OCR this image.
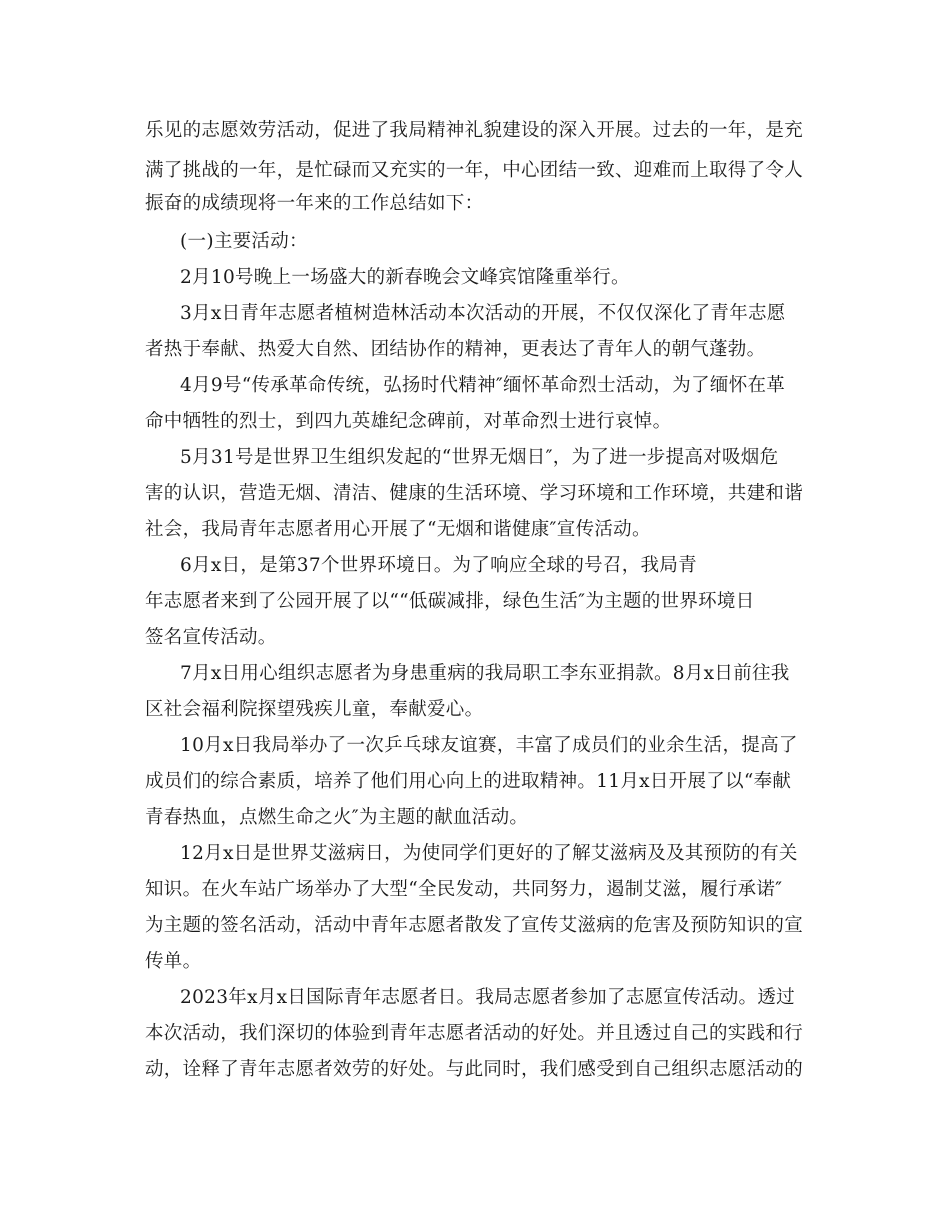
乐见的志愿效劳活动，促进了我局精神礼貌建设的深入开展。过去的一年，是充
满了挑战的一年，是忙碌而又充实的一年，中心团结一致、迎难而上取得了令人
振奋的成绩现将一年来的工作总结如下：
(一)主要活动：
2月10号晚上一场盛大的新春晚会文峰宾馆隆重举行。
3月x日青年志愿者植树造林活动本次活动的开展，不仅仅深化了青年志愿
者热于奉献、热爱大自然、团结协作的精神，更表达了青年人的朝气蓬勃。
4月9号“传承革命传统，弘扬时代精神″缅怀革命烈士活动，为了缅怀在革
命中牺牲的烈士，到四九英雄纪念碑前，对革命烈士进行哀悼。
5月31号是世界卫生组织发起的“世界无烟日″，为了进一步提高对吸烟危
害的认识，营造无烟、清洁、健康的生活环境、学习环境和工作环境，共建和谐
社会，我局青年志愿者用心开展了“无烟和谐健康″宣传活动。
6月x日，是第37个世界环境日。为了响应全球的号召，我局青
年志愿者来到了公园开展了以““低碳减排，绿色生活″为主题的世界环境日
签名宣传活动。
7月x日用心组织志愿者为身患重病的我局职工李东亚捐款。8月x日前往我
区社会福利院探望残疾儿童，奉献爱心。
10月x日我局举办了一次乒乓球友谊赛，丰富了成员们的业余生活，提高了
成员们的综合素质，培养了他们用心向上的进取精神。11月x日开展了以“奉献
青春热血，点燃生命之火″为主题的献血活动。
12月x日是世界艾滋病日，为使同学们更好的了解艾滋病及及其预防的有关
知识。在火车站广场举办了大型“全民发动，共同努力，遏制艾滋，履行承诺″
为主题的签名活动，活动中青年志愿者散发了宣传艾滋病的危害及预防知识的宣
传单。
2023年x月x日国际青年志愿者日。我局志愿者参加了志愿宣传活动。透过
本次活动，我们深切的体验到青年志愿者活动的好处。并且透过自己的实践和行
动，诠释了青年志愿者效劳的好处。与此同时，我们感受到自己组织志愿活动的
